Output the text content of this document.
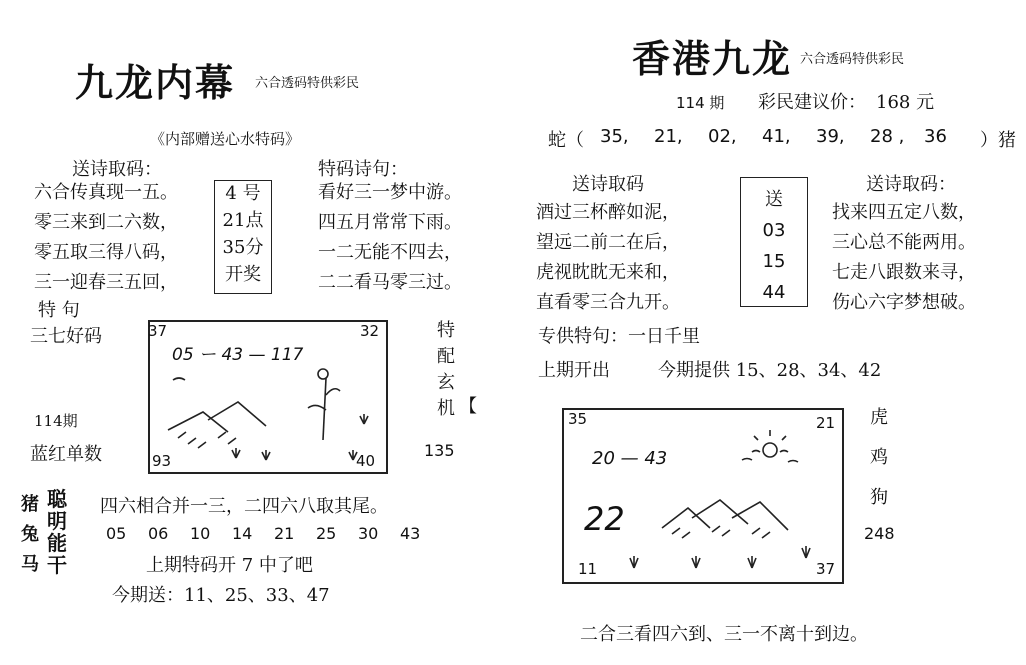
九龙内幕 六合透码特供彩民
《内部赠送心水特码》
送诗取码：	特码诗句：
六合传真现一五。
零三来到二六数，
零五取三得八码，
三一迎春三五回，
4 号
21点
35分
开奖
看好三一梦中游。
四五月常常下雨。
一二无能不四去，
二二看马零三过。
特 句
三七好码	37	32
93	40
05 ー 43 — 117
特
配
玄
机 【
114期
蓝红单数	135
猪
兔
马
聪
明
能
干
四六相合并一三，二四六八取其尾。
05 06 10 14 21 25 30 43
上期特码开 7 中了吧
今期送：11、25、33、47
香港九龙 六合透码特供彩民
114 期 彩民建议价： 168 元
蛇（ 35, 21, 02, 41, 39, 28 , 36	）猪
送诗取码	送诗取码：
酒过三杯醉如泥，
望远二前二在后，
虎视眈眈无来和，
直看零三合九开。
送
03
15
44
找来四五定八数，
三心总不能两用。
七走八跟数来寻，
伤心六字梦想破。
专供特句：一日千里
上期开出	今期提供 15、28、34、42
35	21
11	37
20 — 43
22
虎
鸡
狗
248
二合三看四六到、三一不离十到边。
